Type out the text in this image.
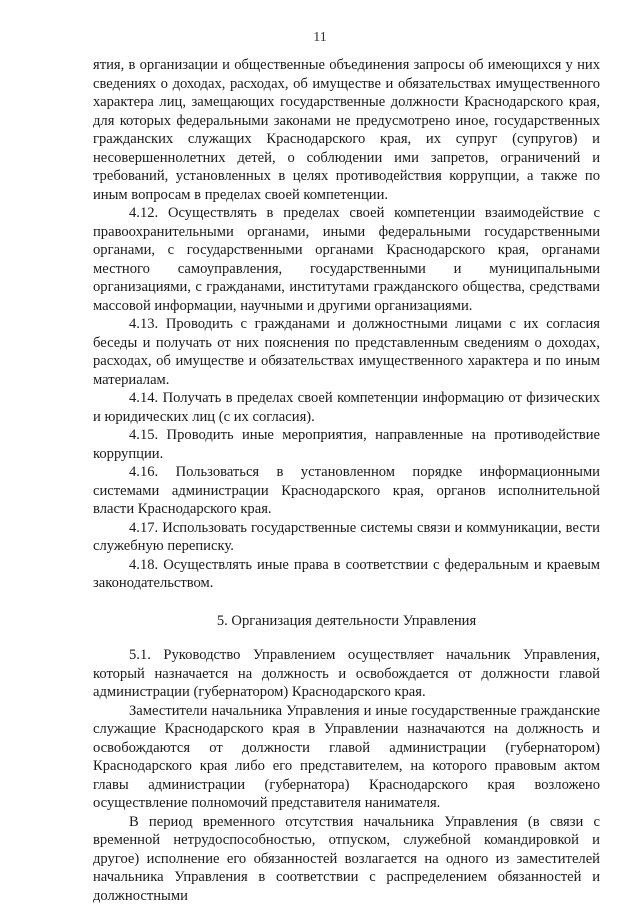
11

ятия, в организации и общественные объединения запросы об имеющихся у них сведениях о доходах, расходах, об имуществе и обязательствах имущественного характера лиц, замещающих государственные должности Краснодарского края, для которых федеральными законами не предусмотрено иное, государственных гражданских служащих Краснодарского края, их супруг (супругов) и несовершеннолетних детей, о соблюдении ими запретов, ограничений и требований, установленных в целях противодействия коррупции, а также по иным вопросам в пределах своей компетенции.

4.12. Осуществлять в пределах своей компетенции взаимодействие с правоохранительными органами, иными федеральными государственными органами, с государственными органами Краснодарского края, органами местного самоуправления, государственными и муниципальными организациями, с гражданами, институтами гражданского общества, средствами массовой информации, научными и другими организациями.

4.13. Проводить с гражданами и должностными лицами с их согласия беседы и получать от них пояснения по представленным сведениям о доходах, расходах, об имуществе и обязательствах имущественного характера и по иным материалам.

4.14. Получать в пределах своей компетенции информацию от физических и юридических лиц (с их согласия).

4.15. Проводить иные мероприятия, направленные на противодействие коррупции.

4.16. Пользоваться в установленном порядке информационными системами администрации Краснодарского края, органов исполнительной власти Краснодарского края.

4.17. Использовать государственные системы связи и коммуникации, вести служебную переписку.

4.18. Осуществлять иные права в соответствии с федеральным и краевым законодательством.

5. Организация деятельности Управления

5.1. Руководство Управлением осуществляет начальник Управления, который назначается на должность и освобождается от должности главой администрации (губернатором) Краснодарского края.

Заместители начальника Управления и иные государственные гражданские служащие Краснодарского края в Управлении назначаются на должность и освобождаются от должности главой администрации (губернатором) Краснодарского края либо его представителем, на которого правовым актом главы администрации (губернатора) Краснодарского края возложено осуществление полномочий представителя нанимателя.

В период временного отсутствия начальника Управления (в связи с временной нетрудоспособностью, отпуском, служебной командировкой и другое) исполнение его обязанностей возлагается на одного из заместителей начальника Управления в соответствии с распределением обязанностей и должностными
